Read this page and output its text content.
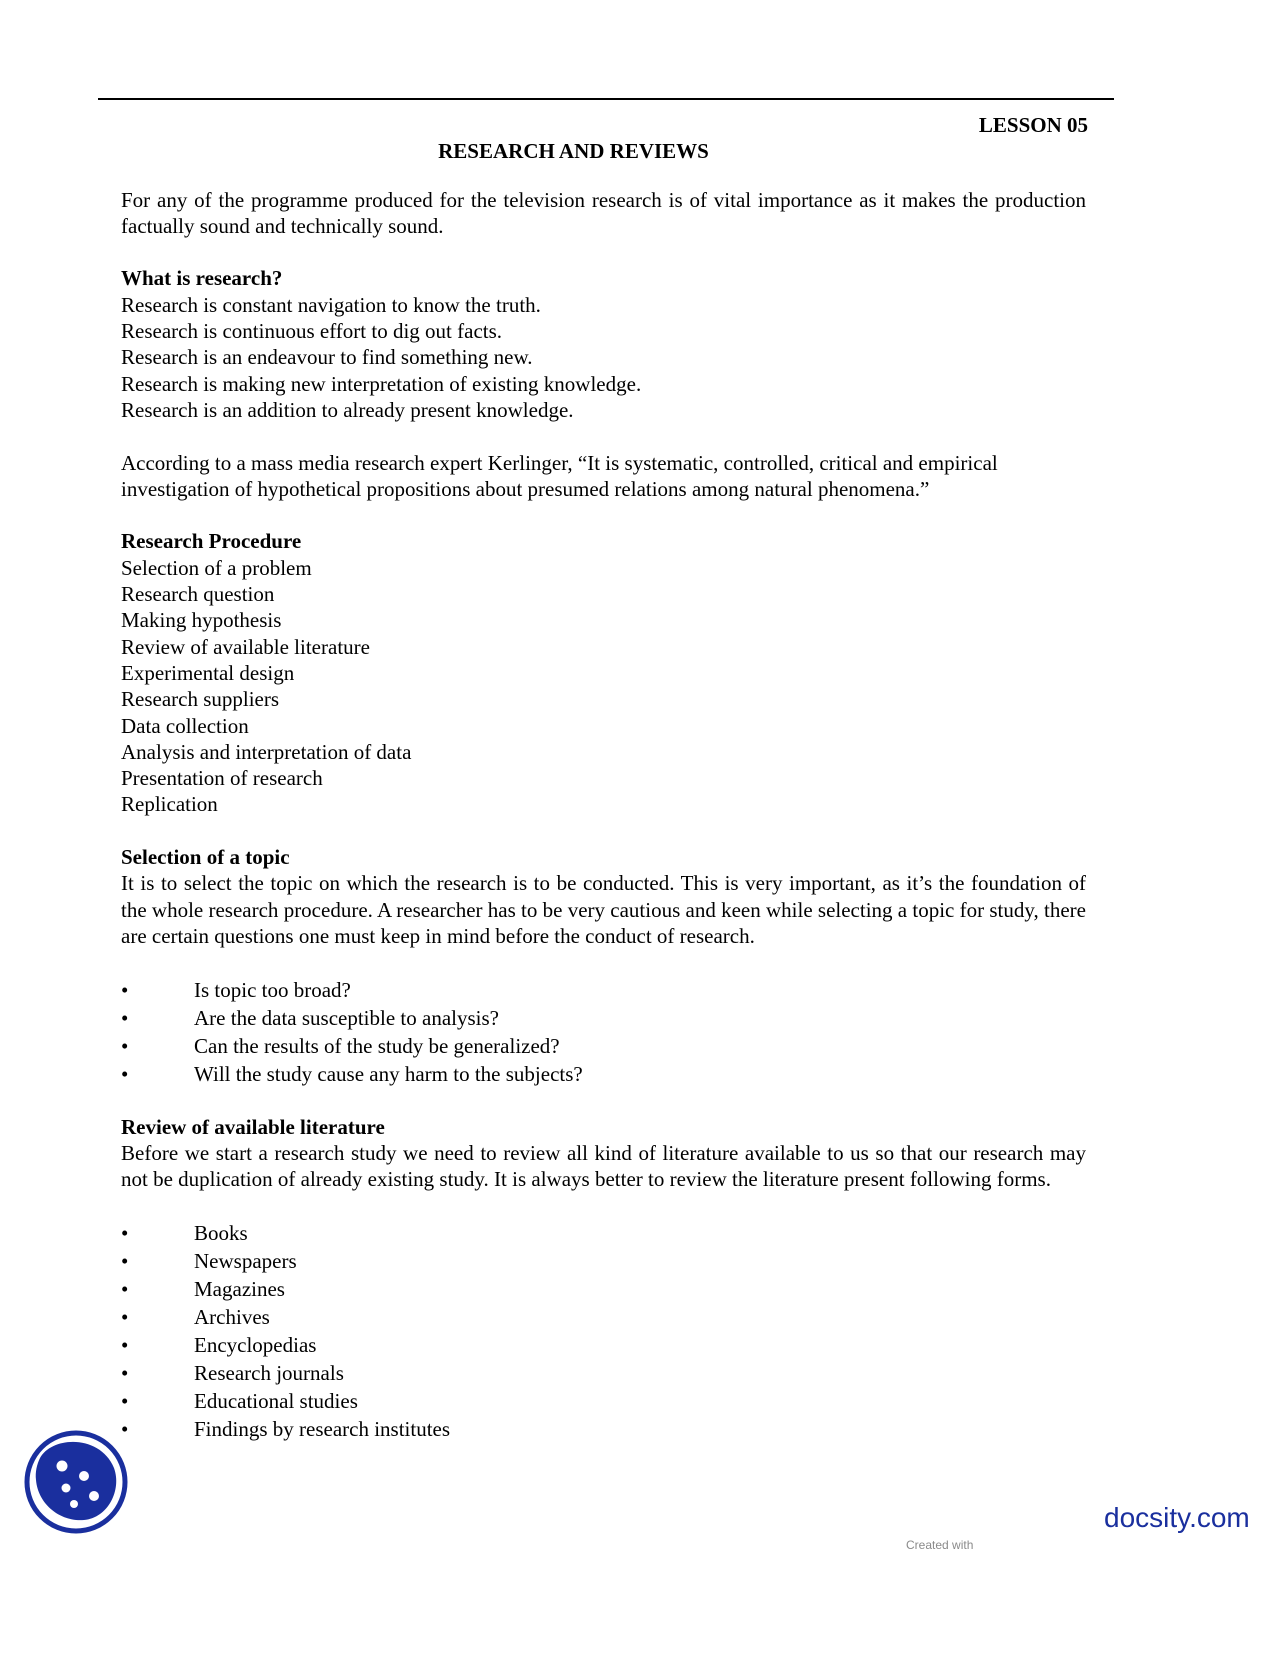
LESSON 05
RESEARCH AND REVIEWS

For any of the programme produced for the television research is of vital importance as it makes the production factually sound and technically sound.

What is research?
Research is constant navigation to know the truth.
Research is continuous effort to dig out facts.
Research is an endeavour to find something new.
Research is making new interpretation of existing knowledge.
Research is an addition to already present knowledge.

According to a mass media research expert Kerlinger, “It is systematic, controlled, critical and empirical investigation of hypothetical propositions about presumed relations among natural phenomena.”

Research Procedure
Selection of a problem
Research question
Making hypothesis
Review of available literature
Experimental design
Research suppliers
Data collection
Analysis and interpretation of data
Presentation of research
Replication
Selection of a topic

It is to select the topic on which the research is to be conducted. This is very important, as it’s the foundation of the whole research procedure. A researcher has to be very cautious and keen while selecting a topic for study, there are certain questions one must keep in mind before the conduct of research.

•	Is topic too broad?
•	Are the data susceptible to analysis?
•	Can the results of the study be generalized?
•	Will the study cause any harm to the subjects?
Review of available literature

Before we start a research study we need to review all kind of literature available to us so that our research may not be duplication of already existing study. It is always better to review the literature present following forms.

•	Books
•	Newspapers
•	Magazines
•	Archives
•	Encyclopedias
•	Research journals
•	Educational studies
•	Findings by research institutes
Created with
docsity.com
